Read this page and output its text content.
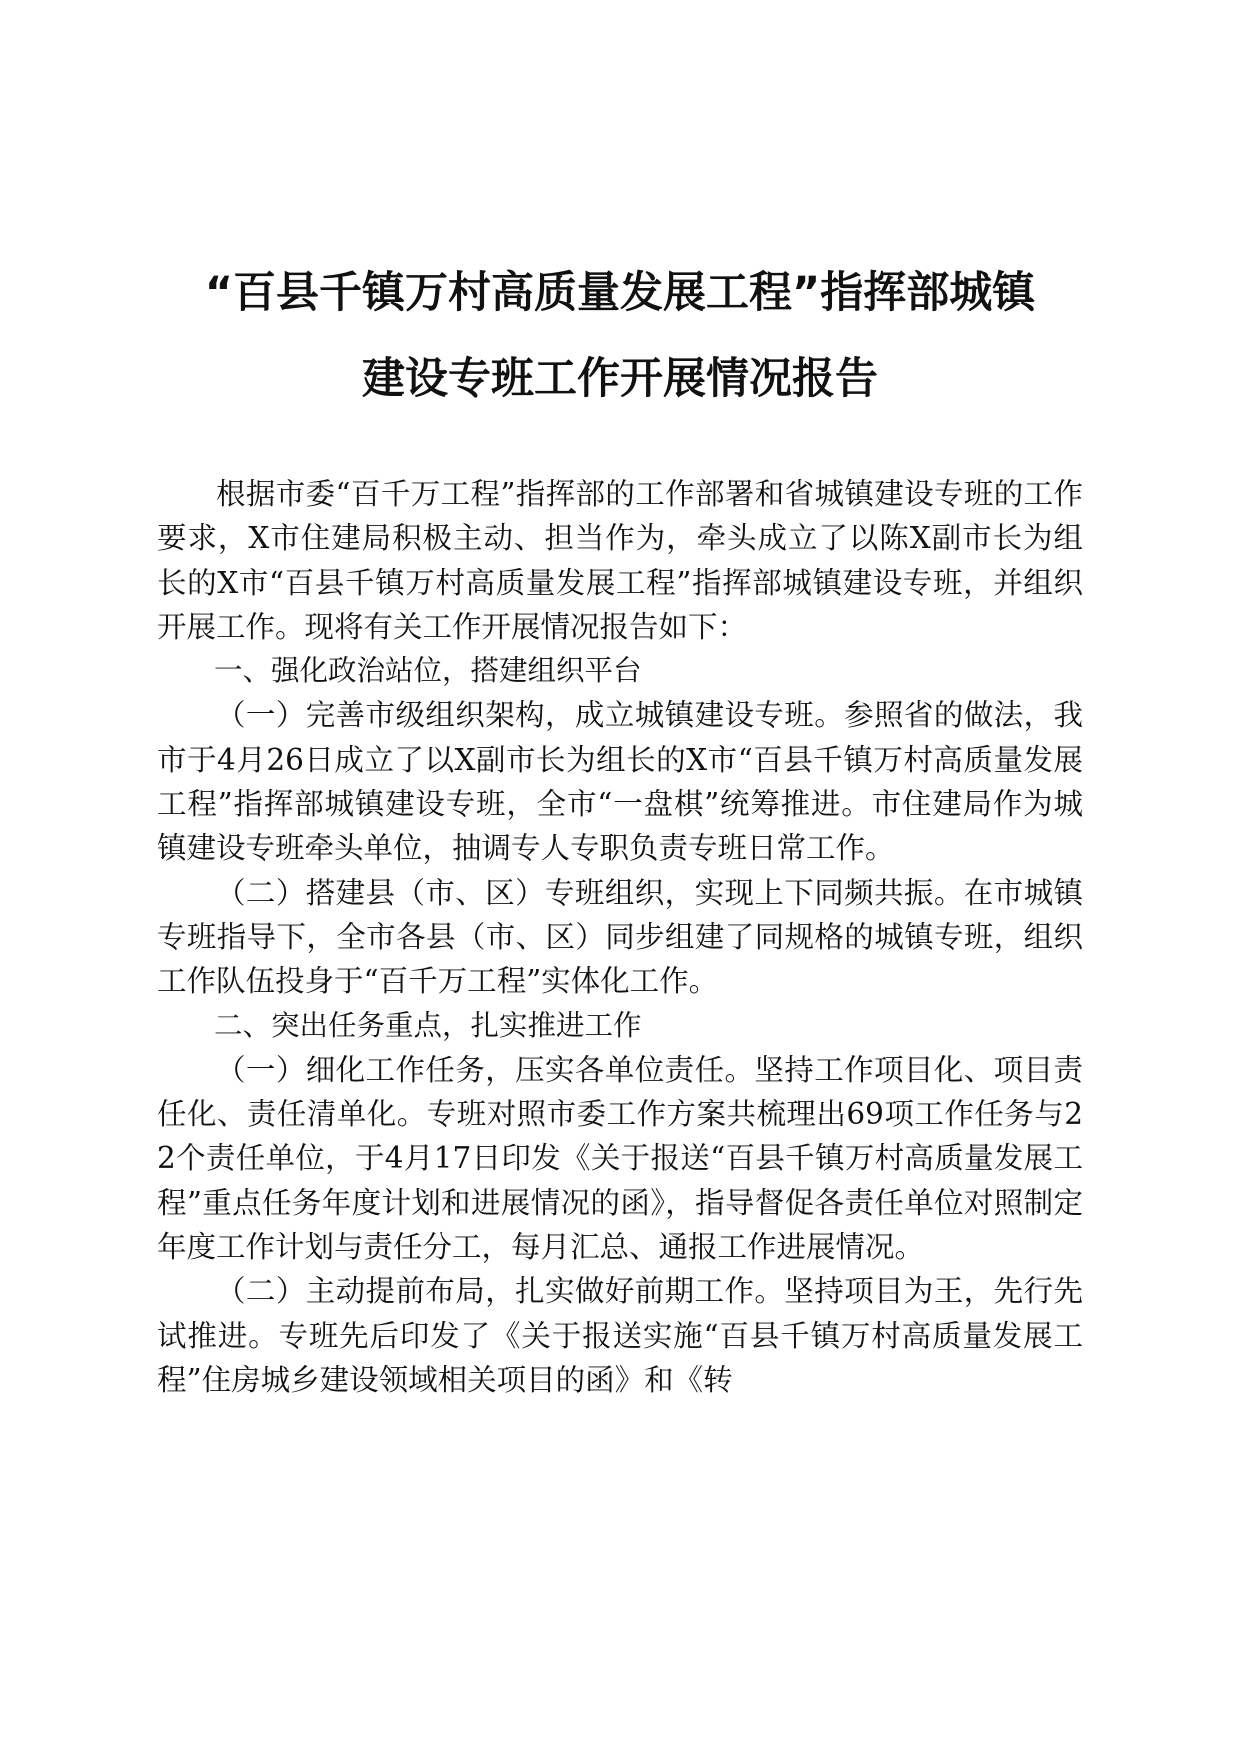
“百县千镇万村高质量发展工程”指挥部城镇
建设专班工作开展情况报告

根据市委“百千万工程”指挥部的工作部署和省城镇建设专班的工作要求，X市住建局积极主动、担当作为，牵头成立了以陈X副市长为组长的X市“百县千镇万村高质量发展工程”指挥部城镇建设专班，并组织开展工作。现将有关工作开展情况报告如下：

一、强化政治站位，搭建组织平台

（一）完善市级组织架构，成立城镇建设专班。参照省的做法，我市于4月26日成立了以X副市长为组长的X市“百县千镇万村高质量发展工程”指挥部城镇建设专班，全市“一盘棋”统筹推进。市住建局作为城镇建设专班牵头单位，抽调专人专职负责专班日常工作。

（二）搭建县（市、区）专班组织，实现上下同频共振。在市城镇专班指导下，全市各县（市、区）同步组建了同规格的城镇专班，组织工作队伍投身于“百千万工程”实体化工作。

二、突出任务重点，扎实推进工作

（一）细化工作任务，压实各单位责任。坚持工作项目化、项目责任化、责任清单化。专班对照市委工作方案共梳理出69项工作任务与22个责任单位，于4月17日印发《关于报送“百县千镇万村高质量发展工程”重点任务年度计划和进展情况的函》，指导督促各责任单位对照制定年度工作计划与责任分工，每月汇总、通报工作进展情况。

（二）主动提前布局，扎实做好前期工作。坚持项目为王，先行先试推进。专班先后印发了《关于报送实施“百县千镇万村高质量发展工程”住房城乡建设领域相关项目的函》和《转
